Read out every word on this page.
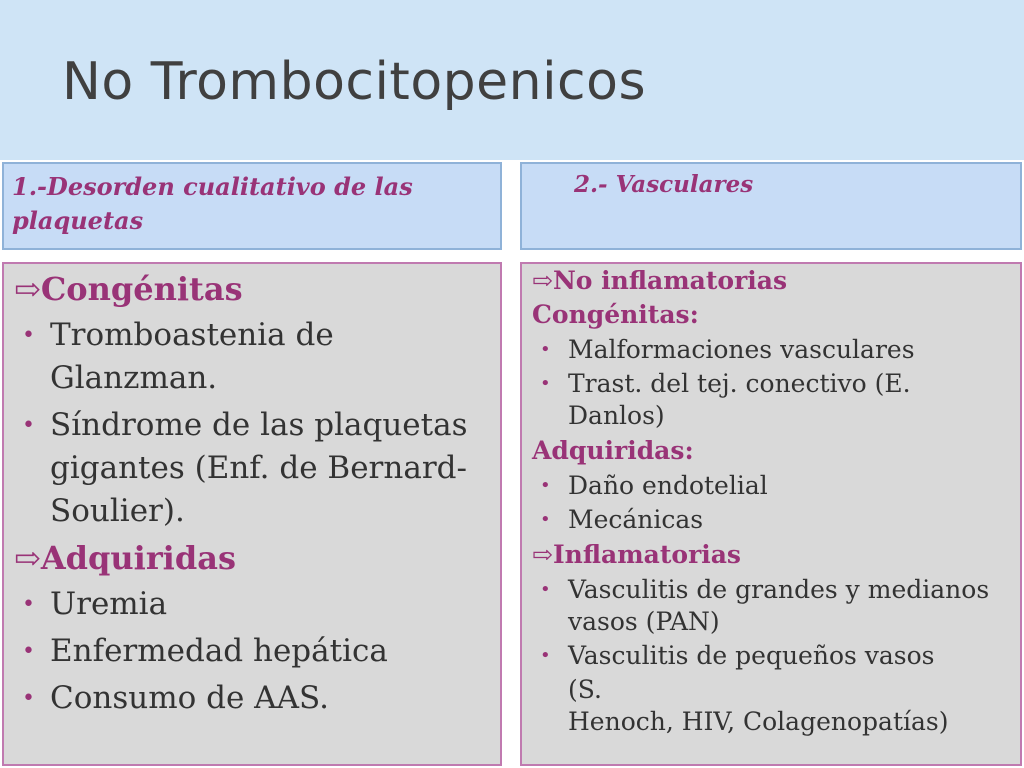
No Trombocitopenicos
1.-Desorden cualitativo de las plaquetas
2.- Vasculares

⇨Congénitas

• Tromboastenia de Glanzman.
• Síndrome de las plaquetas gigantes (Enf. de Bernard-Soulier).

⇨Adquiridas

• Uremia
• Enfermedad hepática
• Consumo de AAS.

⇨No inflamatorias

Congénitas:

• Malformaciones vasculares
• Trast. del tej. conectivo (E. Danlos)

Adquiridas:

• Daño endotelial
• Mecánicas

⇨Inflamatorias

• Vasculitis de grandes y medianos vasos (PAN)
• Vasculitis de pequeños vasos
(S.
Henoch, HIV, Colagenopatías)
